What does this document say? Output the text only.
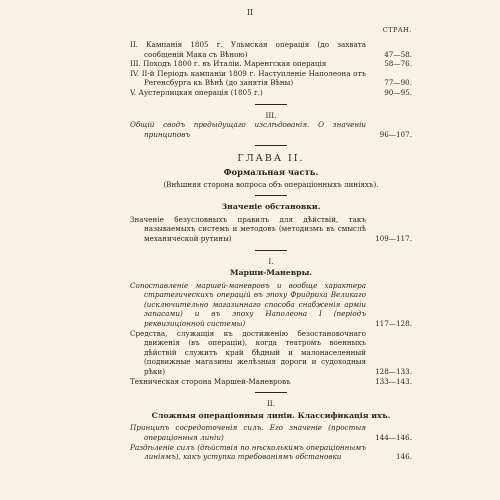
II
СТРАН.
II. Кампанія 1805 г. Ульмская операція (до захвата сообщеній Мака съ Вѣною)	47—58.
III. Походъ 1800 г. въ Италіи. Маренгская операція	58—76.
IV. II-й Періодъ кампаніи 1809 г. Наступленіе Наполеона отъ Регенсбурга къ Вѣнѣ (до занятія Вѣны)	77—90.
V. Аустерлицкая операція (1805 г.)	90—95.
III.
Общій сводъ предыдущаго изслѣдованія. О значеніи принциповъ	96—107.
ГЛАВА II.
Формальная часть.
(Внѣшняя сторона вопроса объ операціонныхъ линіяхъ).
Значеніе обстановки.
Значеніе безусловныхъ правилъ для дѣйствій, такъ называемыхъ системъ и методовъ (методизмъ въ смыслѣ механической рутины)	109—117.
I.
Марши-Маневры.
Сопоставленіе маршей-маневровъ и вообще характера стратегическихъ операцій въ эпоху Фридриха Великаго (исключительно магазиннаго способа снабженія арміи запасами) и въ эпоху Наполеона I (періодъ реквизиціонной системы)	117—128.
Средства, служащія къ достиженію безостановочнаго движенія (въ операціи), когда театромъ военныхъ дѣйствій служитъ край бѣдный и малонаселенный (подвижные магазины желѣзныя дороги и судоходныя рѣки)	128—133.
Техническая сторона Маршей-Маневровъ	133—143.
II.
Сложныя операціонныя линіи. Классификація ихъ.
Принципъ сосредоточенія силъ. Его значеніе (простыя операціонныя линіи)	144—146.
Раздѣленіе силъ (дѣйствія по нѣсколькимъ операціоннымъ линіямъ), какъ уступка требованіямъ обстановки	146.
